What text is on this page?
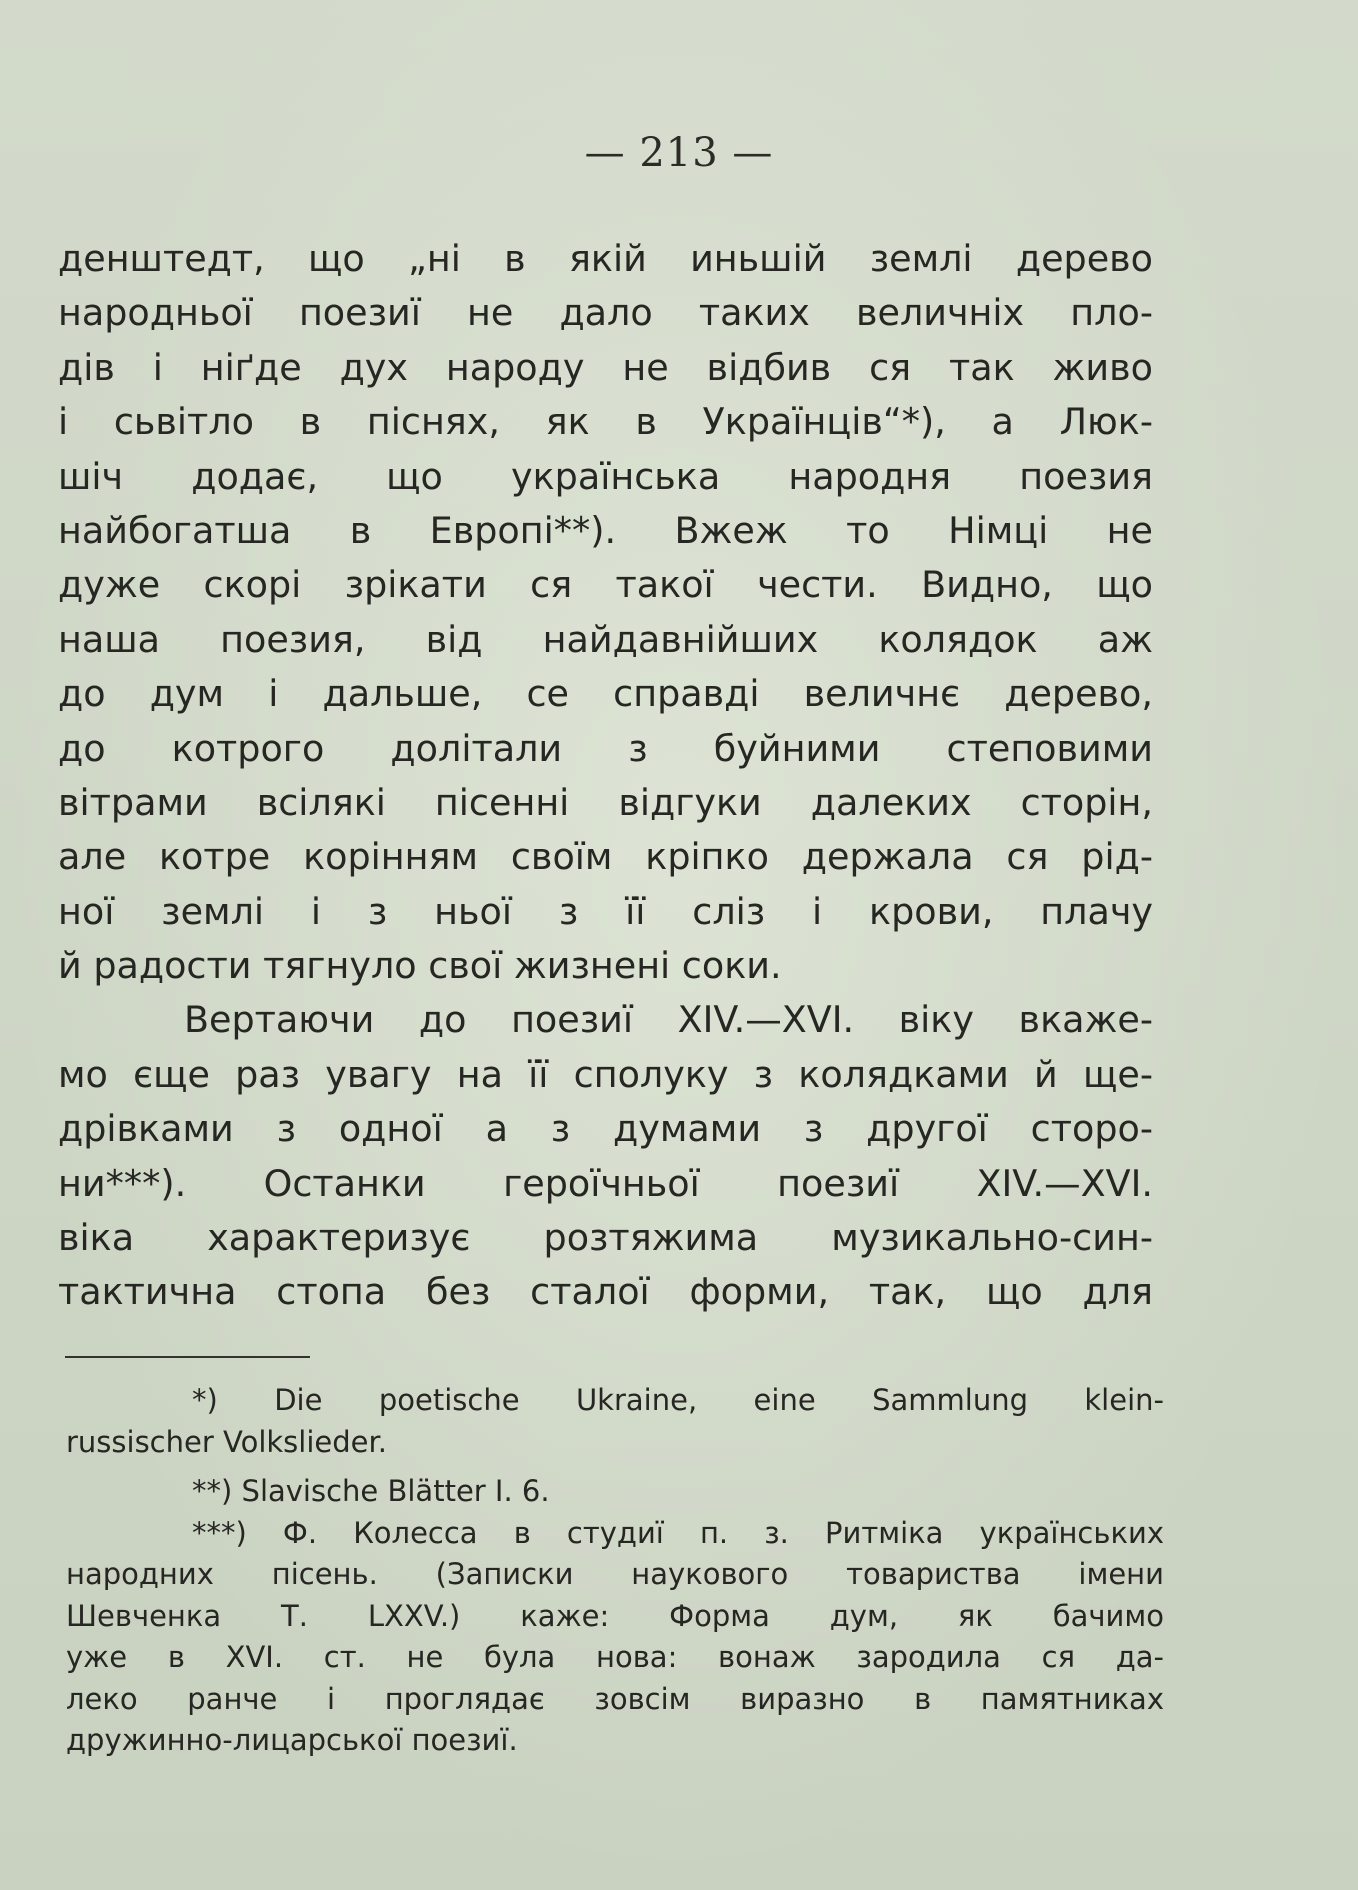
— 213 —
денштедт, що „ні в якій иньшій землі дерево
народньої поезиї не дало таких величніх пло-
дів і ніґде дух народу не відбив ся так живо
і сьвітло в піснях, як в Українців“*), а Люк-
шіч додає, що українська народня поезия
найбогатша в Европі**). Вжеж то Німці не
дуже скорі зрікати ся такої чести. Видно, що
наша поезия, від найдавнійших колядок аж
до дум і дальше, се справді величнє дерево,
до котрого долітали з буйними степовими
вітрами всілякі пісенні відгуки далеких сторін,
але котре корінням своїм кріпко держала ся рід-
ної землі і з ньої з її сліз і крови, плачу
й радости тягнуло свої жизнені соки.
Вертаючи до поезиї XIV.—XVI. віку вкаже-
мо єще раз увагу на її сполуку з колядками й ще-
дрівками з одної а з думами з другої сторо-
ни***). Останки героїчньої поезиї XIV.—XVI.
віка характеризує розтяжима музикально-син-
тактична стопа без сталої форми, так, що для
*) Die poetische Ukraine, eine Sammlung klein-
russischer Volkslieder.
**) Slavische Blätter I. 6.
***) Ф. Колесса в студиї п. з. Ритміка українських
народних пісень. (Записки наукового товариства імени
Шевченка Т. LXXV.) каже: Форма дум, як бачимо
уже в XVI. ст. не була нова: вонаж зародила ся да-
леко ранче і проглядає зовсім виразно в памятниках
дружинно-лицарської поезиї.
